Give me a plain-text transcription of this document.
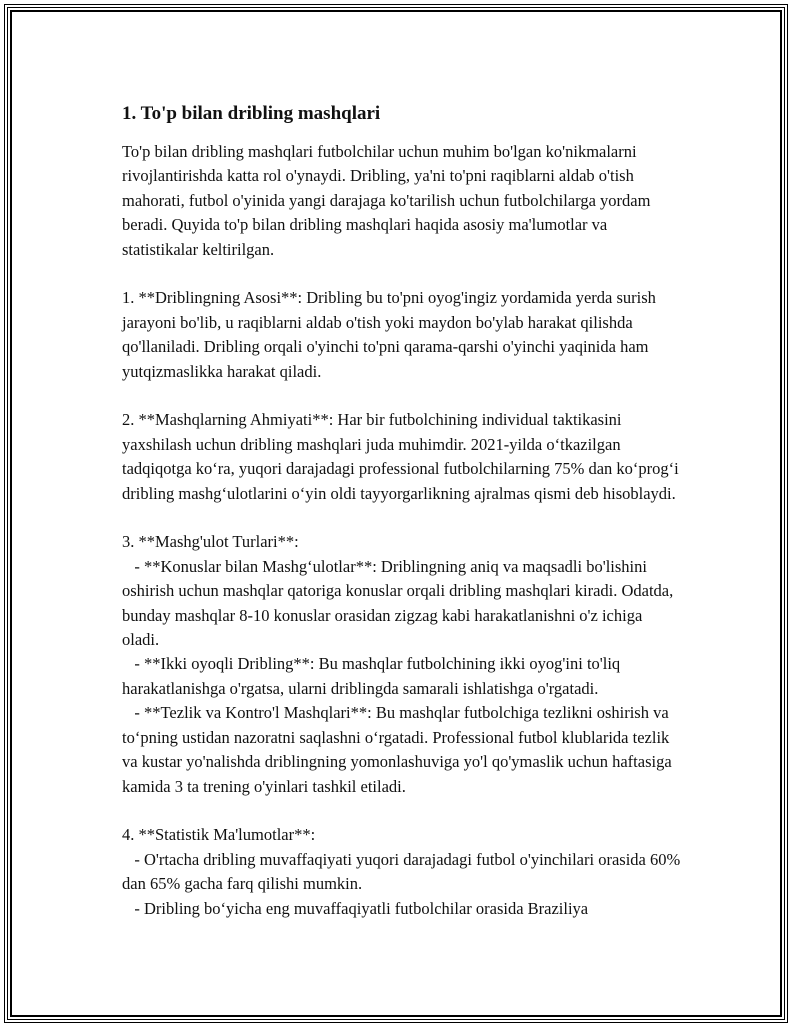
1. To'p bilan dribling mashqlari

To'p bilan dribling mashqlari futbolchilar uchun muhim bo'lgan ko'nikmalarni rivojlantirishda katta rol o'ynaydi. Dribling, ya'ni to'pni raqiblarni aldab o'tish mahorati, futbol o'yinida yangi darajaga ko'tarilish uchun futbolchilarga yordam beradi. Quyida to'p bilan dribling mashqlari haqida asosiy ma'lumotlar va statistikalar keltirilgan.

1. **Driblingning Asosi**: Dribling bu to'pni oyog'ingiz yordamida yerda surish jarayoni bo'lib, u raqiblarni aldab o'tish yoki maydon bo'ylab harakat qilishda qo'llaniladi. Dribling orqali o'yinchi to'pni qarama-qarshi o'yinchi yaqinida ham yutqizmaslikka harakat qiladi.

2. **Mashqlarning Ahmiyati**: Har bir futbolchining individual taktikasini yaxshilash uchun dribling mashqlari juda muhimdir. 2021-yilda o‘tkazilgan tadqiqotga ko‘ra, yuqori darajadagi professional futbolchilarning 75% dan ko‘prog‘i dribling mashg‘ulotlarini o‘yin oldi tayyorgarlikning ajralmas qismi deb hisoblaydi.

3. **Mashg'ulot Turlari**:
- **Konuslar bilan Mashg‘ulotlar**: Driblingning aniq va maqsadli bo'lishini oshirish uchun mashqlar qatoriga konuslar orqali dribling mashqlari kiradi. Odatda, bunday mashqlar 8-10 konuslar orasidan zigzag kabi harakatlanishni o'z ichiga oladi.
- **Ikki oyoqli Dribling**: Bu mashqlar futbolchining ikki oyog'ini to'liq harakatlanishga o'rgatsa, ularni driblingda samarali ishlatishga o'rgatadi.
- **Tezlik va Kontro'l Mashqlari**: Bu mashqlar futbolchiga tezlikni oshirish va to‘pning ustidan nazoratni saqlashni o‘rgatadi. Professional futbol klublarida tezlik va kustar yo'nalishda driblingning yomonlashuviga yo'l qo'ymaslik uchun haftasiga kamida 3 ta trening o'yinlari tashkil etiladi.

4. **Statistik Ma'lumotlar**:
- O'rtacha dribling muvaffaqiyati yuqori darajadagi futbol o'yinchilari orasida 60% dan 65% gacha farq qilishi mumkin.
- Dribling bo‘yicha eng muvaffaqiyatli futbolchilar orasida Braziliya
